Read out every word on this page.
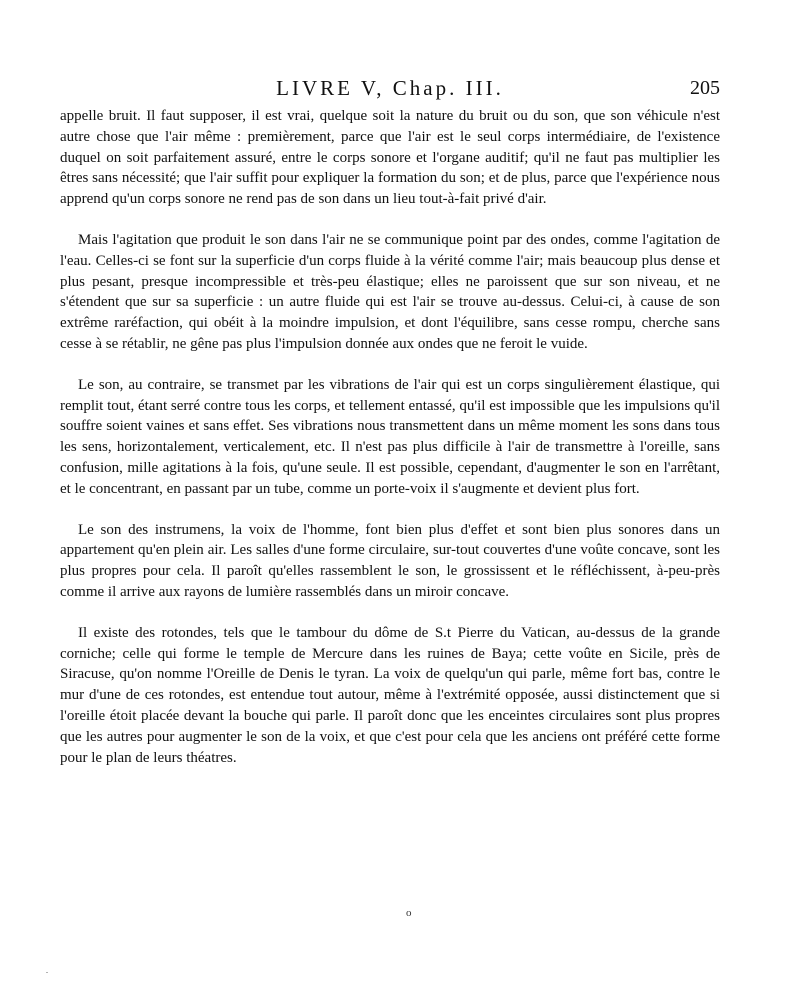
LIVRE V, Chap. III.	205

appelle bruit. Il faut supposer, il est vrai, quelque soit la nature du bruit ou du son, que son véhicule n'est autre chose que l'air même : premièrement, parce que l'air est le seul corps intermédiaire, de l'existence duquel on soit parfaitement assuré, entre le corps sonore et l'organe auditif; qu'il ne faut pas multiplier les êtres sans nécessité; que l'air suffit pour expliquer la formation du son; et de plus, parce que l'expérience nous apprend qu'un corps sonore ne rend pas de son dans un lieu tout-à-fait privé d'air.

Mais l'agitation que produit le son dans l'air ne se communique point par des ondes, comme l'agitation de l'eau. Celles-ci se font sur la superficie d'un corps fluide à la vérité comme l'air; mais beaucoup plus dense et plus pesant, presque incompressible et très-peu élastique; elles ne paroissent que sur son niveau, et ne s'étendent que sur sa superficie : un autre fluide qui est l'air se trouve au-dessus. Celui-ci, à cause de son extrême raréfaction, qui obéit à la moindre impulsion, et dont l'équilibre, sans cesse rompu, cherche sans cesse à se rétablir, ne gêne pas plus l'impulsion donnée aux ondes que ne feroit le vuide.

Le son, au contraire, se transmet par les vibrations de l'air qui est un corps singulièrement élastique, qui remplit tout, étant serré contre tous les corps, et tellement entassé, qu'il est impossible que les impulsions qu'il souffre soient vaines et sans effet. Ses vibrations nous transmettent dans un même moment les sons dans tous les sens, horizontalement, verticalement, etc. Il n'est pas plus difficile à l'air de transmettre à l'oreille, sans confusion, mille agitations à la fois, qu'une seule. Il est possible, cependant, d'augmenter le son en l'arrêtant, et le concentrant, en passant par un tube, comme un porte-voix il s'augmente et devient plus fort.

Le son des instrumens, la voix de l'homme, font bien plus d'effet et sont bien plus sonores dans un appartement qu'en plein air. Les salles d'une forme circulaire, sur-tout couvertes d'une voûte concave, sont les plus propres pour cela. Il paroît qu'elles rassemblent le son, le grossissent et le réfléchissent, à-peu-près comme il arrive aux rayons de lumière rassemblés dans un miroir concave.

Il existe des rotondes, tels que le tambour du dôme de S.t Pierre du Vatican, au-dessus de la grande corniche; celle qui forme le temple de Mercure dans les ruines de Baya; cette voûte en Sicile, près de Siracuse, qu'on nomme l'Oreille de Denis le tyran. La voix de quelqu'un qui parle, même fort bas, contre le mur d'une de ces rotondes, est entendue tout autour, même à l'extrémité opposée, aussi distinctement que si l'oreille étoit placée devant la bouche qui parle. Il paroît donc que les enceintes circulaires sont plus propres que les autres pour augmenter le son de la voix, et que c'est pour cela que les anciens ont préféré cette forme pour le plan de leurs théatres.

o
.
